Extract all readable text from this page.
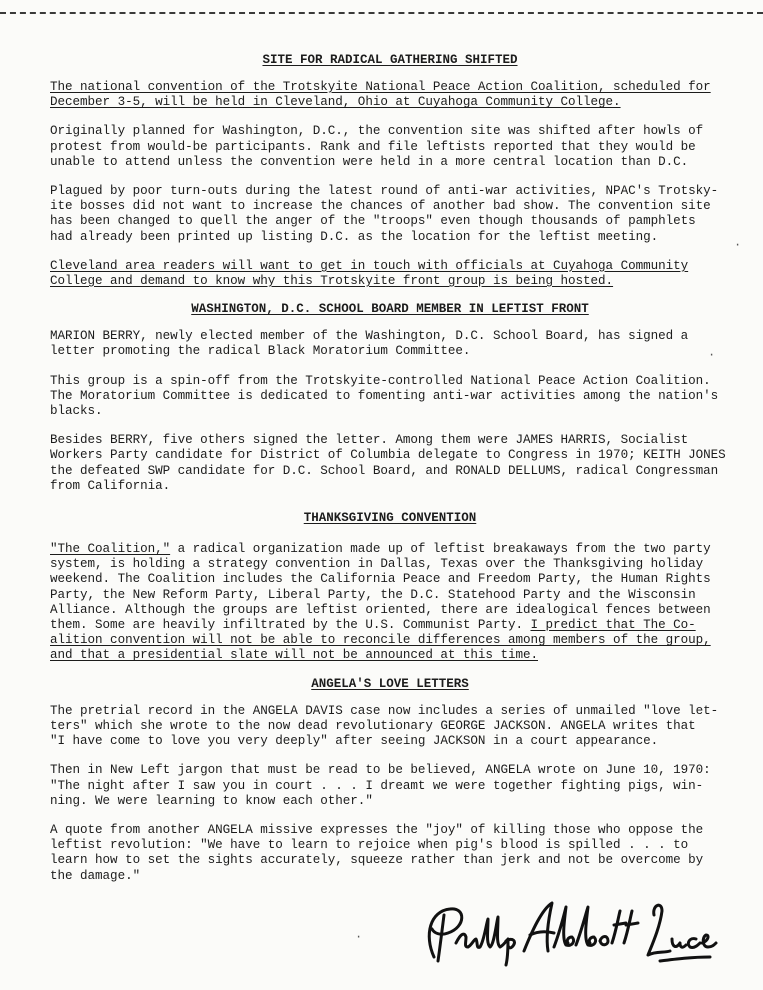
SITE FOR RADICAL GATHERING SHIFTED

The national convention of the Trotskyite National Peace Action Coalition, scheduled for
December 3-5, will be held in Cleveland, Ohio at Cuyahoga Community College.

Originally planned for Washington, D.C., the convention site was shifted after howls of
protest from would-be participants. Rank and file leftists reported that they would be
unable to attend unless the convention were held in a more central location than D.C.

Plagued by poor turn-outs during the latest round of anti-war activities, NPAC's Trotsky-
ite bosses did not want to increase the chances of another bad show. The convention site
has been changed to quell the anger of the "troops" even though thousands of pamphlets
had already been printed up listing D.C. as the location for the leftist meeting.

Cleveland area readers will want to get in touch with officials at Cuyahoga Community
College and demand to know why this Trotskyite front group is being hosted.

WASHINGTON, D.C. SCHOOL BOARD MEMBER IN LEFTIST FRONT

MARION BERRY, newly elected member of the Washington, D.C. School Board, has signed a
letter promoting the radical Black Moratorium Committee.

This group is a spin-off from the Trotskyite-controlled National Peace Action Coalition.
The Moratorium Committee is dedicated to fomenting anti-war activities among the nation's
blacks.

Besides BERRY, five others signed the letter. Among them were JAMES HARRIS, Socialist
Workers Party candidate for District of Columbia delegate to Congress in 1970; KEITH JONES
the defeated SWP candidate for D.C. School Board, and RONALD DELLUMS, radical Congressman
from California.

THANKSGIVING CONVENTION

"The Coalition," a radical organization made up of leftist breakaways from the two party
system, is holding a strategy convention in Dallas, Texas over the Thanksgiving holiday
weekend. The Coalition includes the California Peace and Freedom Party, the Human Rights
Party, the New Reform Party, Liberal Party, the D.C. Statehood Party and the Wisconsin
Alliance. Although the groups are leftist oriented, there are idealogical fences between
them. Some are heavily infiltrated by the U.S. Communist Party. I predict that The Co-
alition convention will not be able to reconcile differences among members of the group,
and that a presidential slate will not be announced at this time.

ANGELA'S LOVE LETTERS

The pretrial record in the ANGELA DAVIS case now includes a series of unmailed "love let-
ters" which she wrote to the now dead revolutionary GEORGE JACKSON. ANGELA writes that
"I have come to love you very deeply" after seeing JACKSON in a court appearance.

Then in New Left jargon that must be read to be believed, ANGELA wrote on June 10, 1970:
"The night after I saw you in court . . . I dreamt we were together fighting pigs, win-
ning. We were learning to know each other."

A quote from another ANGELA missive expresses the "joy" of killing those who oppose the
leftist revolution: "We have to learn to rejoice when pig's blood is spilled . . . to
learn how to set the sights accurately, squeeze rather than jerk and not be overcome by
the damage."

·
·
·
